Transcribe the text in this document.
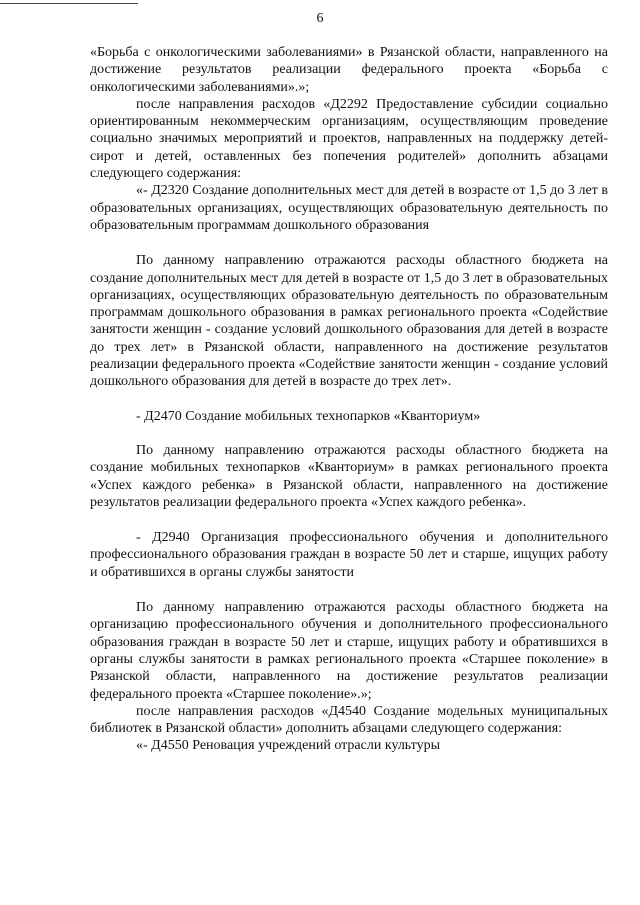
6

«Борьба с онкологическими заболеваниями» в Рязанской области, направленного на достижение результатов реализации федерального проекта «Борьба с онкологическими заболеваниями».»;

после направления расходов «Д2292 Предоставление субсидии социально ориентированным некоммерческим организациям, осуществляющим проведение социально значимых мероприятий и проектов, направленных на поддержку детей-сирот и детей, оставленных без попечения родителей» дополнить абзацами следующего содержания:

«- Д2320 Создание дополнительных мест для детей в возрасте от 1,5 до 3 лет в образовательных организациях, осуществляющих образовательную деятельность по образовательным программам дошкольного образования

По данному направлению отражаются расходы областного бюджета на создание дополнительных мест для детей в возрасте от 1,5 до 3 лет в образовательных организациях, осуществляющих образовательную деятельность по образовательным программам дошкольного образования в рамках регионального проекта «Содействие занятости женщин - создание условий дошкольного образования для детей в возрасте до трех лет» в Рязанской области, направленного на достижение результатов реализации федерального проекта «Содействие занятости женщин - создание условий дошкольного образования для детей в возрасте до трех лет».

- Д2470 Создание мобильных технопарков «Кванториум»

По данному направлению отражаются расходы областного бюджета на создание мобильных технопарков «Кванториум» в рамках регионального проекта «Успех каждого ребенка» в Рязанской области, направленного на достижение результатов реализации федерального проекта «Успех каждого ребенка».

- Д2940 Организация профессионального обучения и дополнительного профессионального образования граждан в возрасте 50 лет и старше, ищущих работу и обратившихся в органы службы занятости

По данному направлению отражаются расходы областного бюджета на организацию профессионального обучения и дополнительного профессионального образования граждан в возрасте 50 лет и старше, ищущих работу и обратившихся в органы службы занятости в рамках регионального проекта «Старшее поколение» в Рязанской области, направленного на достижение результатов реализации федерального проекта «Старшее поколение».»;

после направления расходов «Д4540 Создание модельных муниципальных библиотек в Рязанской области» дополнить абзацами следующего содержания:

«- Д4550 Реновация учреждений отрасли культуры
